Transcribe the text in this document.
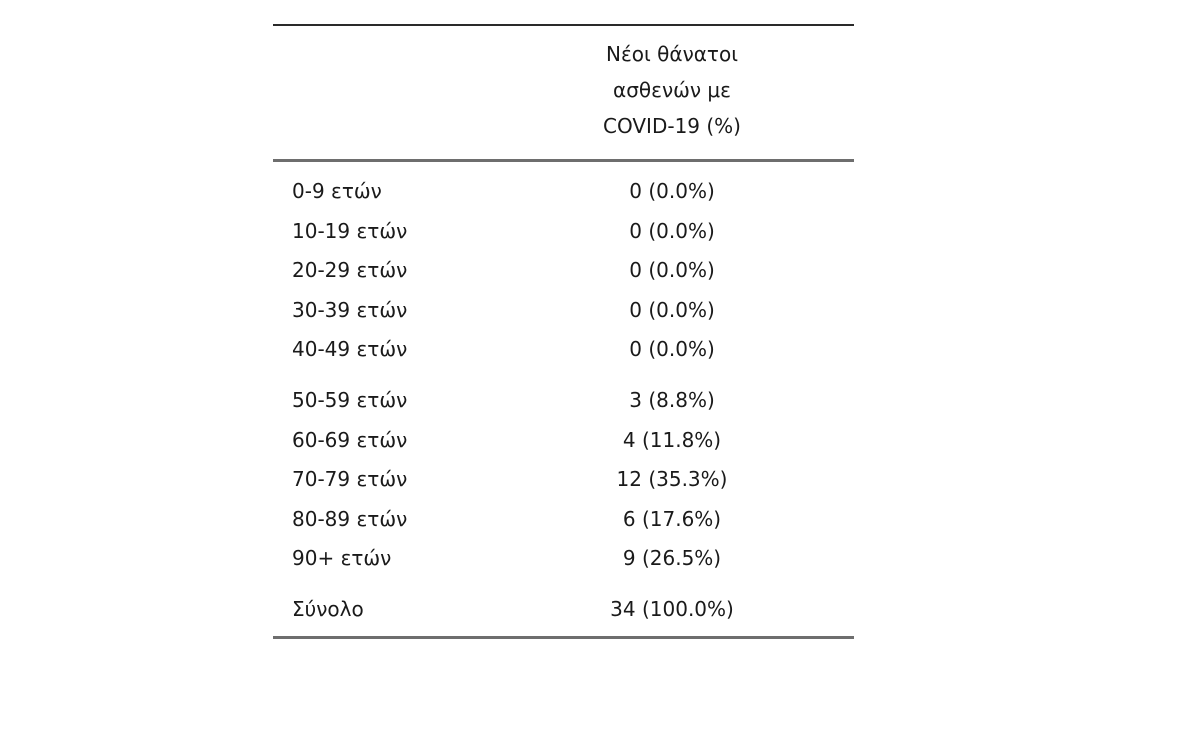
Νέοι θάνατοι
ασθενών με
COVID-19 (%)
0-9 ετών	0 (0.0%)
10-19 ετών	0 (0.0%)
20-29 ετών	0 (0.0%)
30-39 ετών	0 (0.0%)
40-49 ετών	0 (0.0%)
50-59 ετών	3 (8.8%)
60-69 ετών	4 (11.8%)
70-79 ετών	12 (35.3%)
80-89 ετών	6 (17.6%)
90+ ετών	9 (26.5%)
Σύνολο	34 (100.0%)
